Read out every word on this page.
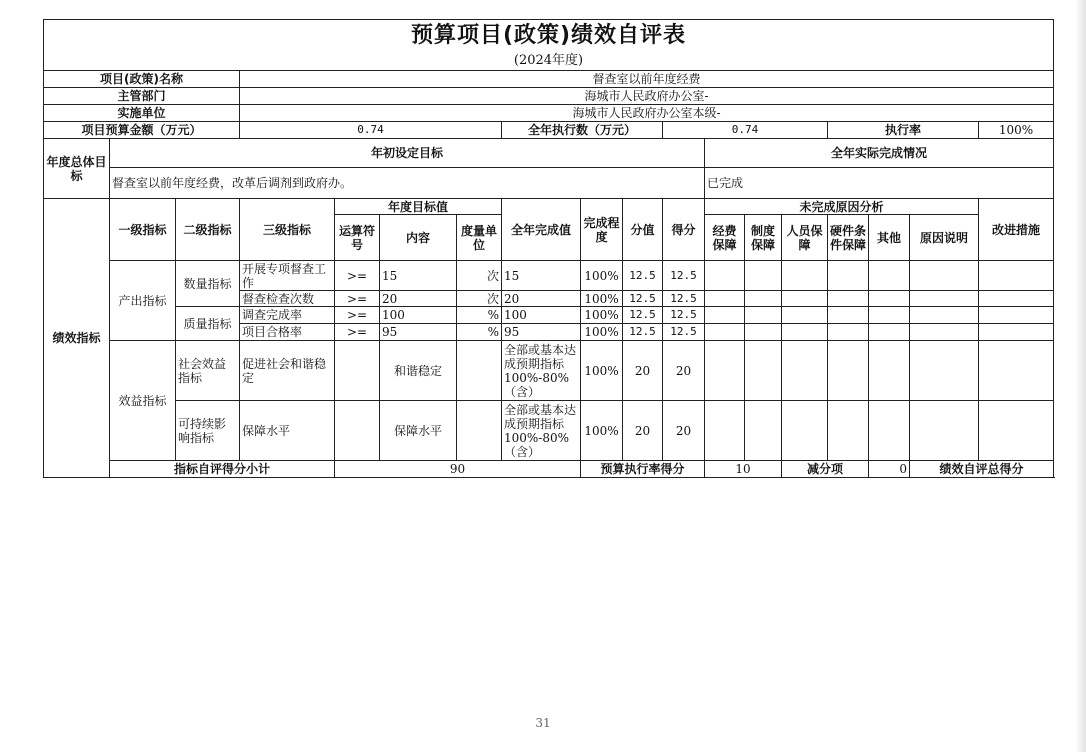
预算项目(政策)绩效自评表																		
(2024年度)																		
项目(政策)名称			督查室以前年度经费															
主管部门			海城市人民政府办公室-															
实施单位			海城市人民政府办公室本级-															
项目预算金额（万元）			0.74				全年执行数（万元）			0.74				执行率			100%	
年度总体目标	年初设定目标										全年实际完成情况							
	督查室以前年度经费，改革后调剂到政府办。										已完成							
绩效指标	一级指标	二级指标	三级指标	年度目标值			全年完成值	完成程度	分值	得分	未完成原因分析						改进措施	
				运算符号	内容	度量单位					经费保障	制度保障	人员保障	硬件条件保障	其他	原因说明		
	产出指标	数量指标	开展专项督查工作	>=	15	次	15	100%	12.5	12.5								
			督查检查次数	>=	20	次	20	100%	12.5	12.5								
		质量指标	调查完成率	>=	100	%	100	100%	12.5	12.5								
			项目合格率	>=	95	%	95	100%	12.5	12.5								
	效益指标	社会效益指标	促进社会和谐稳定		和谐稳定		全部或基本达成预期指标100%-80%（含）	100%	20	20								
		可持续影响指标	保障水平		保障水平		全部或基本达成预期指标100%-80%（含）	100%	20	20								
	指标自评得分小计			90				预算执行率得分			10		减分项		0	绩效自评总得分	
31
